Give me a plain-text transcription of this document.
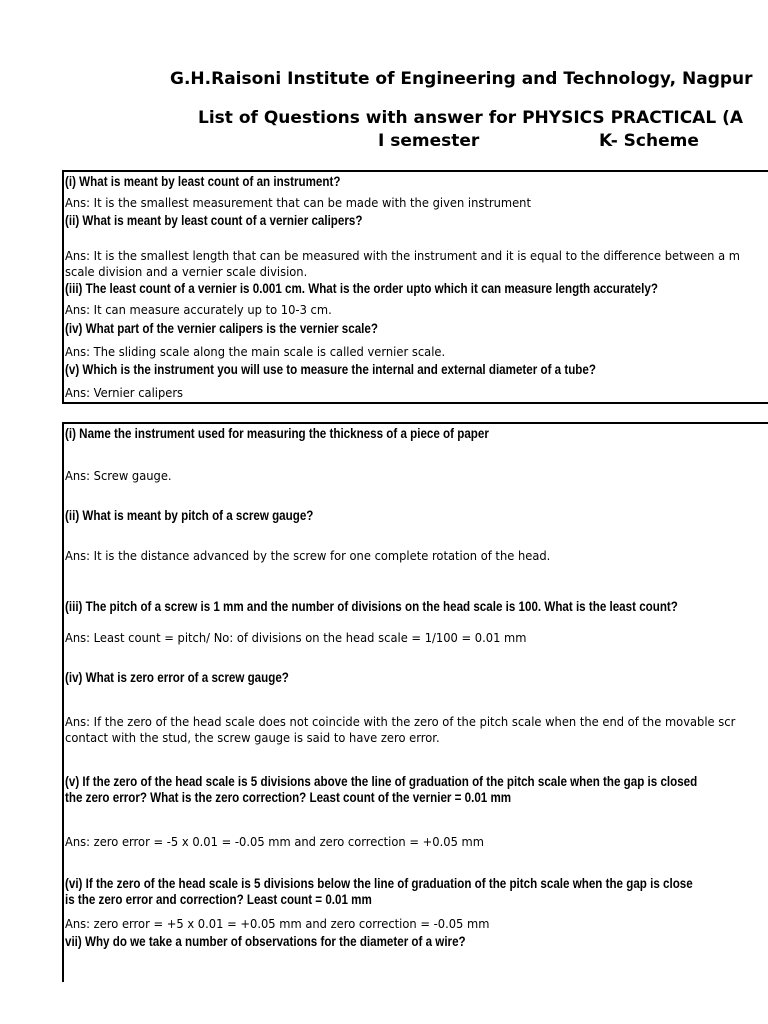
G.H.Raisoni Institute of Engineering and Technology, Nagpur
List of Questions with answer for PHYSICS PRACTICAL (A
I semester	K- Scheme
(i) What is meant by least count of an instrument?
Ans: It is the smallest measurement that can be made with the given instrument
(ii) What is meant by least count of a vernier calipers?
Ans: It is the smallest length that can be measured with the instrument and it is equal to the difference between a m
scale division and a vernier scale division.
(iii) The least count of a vernier is 0.001 cm. What is the order upto which it can measure length accurately?
Ans: It can measure accurately up to 10-3 cm.
(iv) What part of the vernier calipers is the vernier scale?
Ans: The sliding scale along the main scale is called vernier scale.
(v) Which is the instrument you will use to measure the internal and external diameter of a tube?
Ans: Vernier calipers
(i) Name the instrument used for measuring the thickness of a piece of paper
Ans: Screw gauge.
(ii) What is meant by pitch of a screw gauge?
Ans: It is the distance advanced by the screw for one complete rotation of the head.
(iii) The pitch of a screw is 1 mm and the number of divisions on the head scale is 100. What is the least count?
Ans: Least count = pitch/ No: of divisions on the head scale = 1/100 = 0.01 mm
(iv) What is zero error of a screw gauge?
Ans: If the zero of the head scale does not coincide with the zero of the pitch scale when the end of the movable scr
contact with the stud, the screw gauge is said to have zero error.
(v) If the zero of the head scale is 5 divisions above the line of graduation of the pitch scale when the gap is closed
the zero error? What is the zero correction? Least count of the vernier = 0.01 mm
Ans: zero error = -5 x 0.01 = -0.05 mm and zero correction = +0.05 mm
(vi) If the zero of the head scale is 5 divisions below the line of graduation of the pitch scale when the gap is close
is the zero error and correction? Least count = 0.01 mm
Ans: zero error = +5 x 0.01 = +0.05 mm and zero correction = -0.05 mm
vii) Why do we take a number of observations for the diameter of a wire?
